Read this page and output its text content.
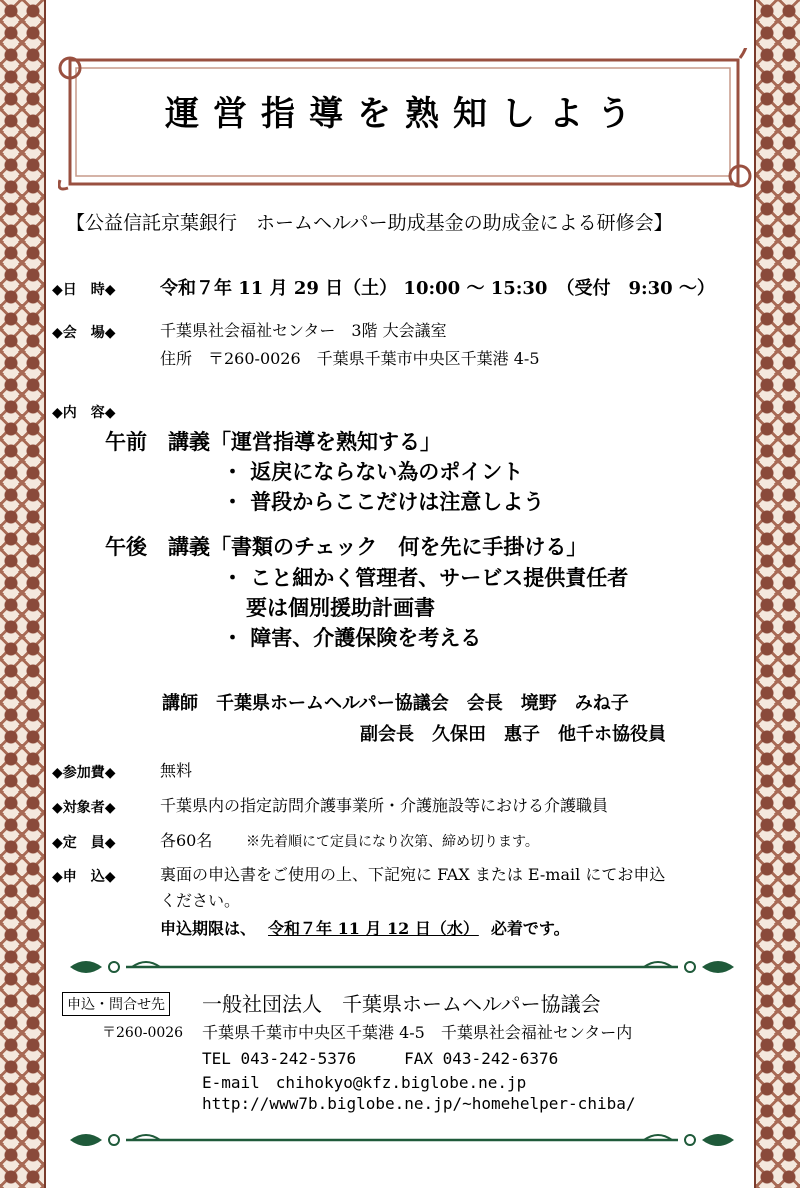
運営指導を熟知しよう
【公益信託京葉銀行　ホームヘルパー助成基金の助成金による研修会】
◆日　時◆ 令和７年 11 月 29 日（土） 10:00 ～ 15:30　（受付　9:30 ～）
◆会　場◆	千葉県社会福祉センター　3階 大会議室
住所　〒260-0026　千葉県千葉市中央区千葉港 4-5
◆内　容◆
午前　講義「運営指導を熟知する」
・ 返戻にならない為のポイント
・ 普段からここだけは注意しよう
午後　講義「書類のチェック　何を先に手掛ける」
・ こと細かく管理者、サービス提供責任者
要は個別援助計画書
・ 障害、介護保険を考える
講師　千葉県ホームヘルパー協議会　会長　境野　みね子
副会長　久保田　惠子　他千ホ協役員
◆参加費◆	無料
◆対象者◆	千葉県内の指定訪問介護事業所・介護施設等における介護職員
◆定　員◆	各60名 ※先着順にて定員になり次第、締め切ります。
◆申　込◆	裏面の申込書をご使用の上、下記宛に FAX または E-mail にてお申込
ください。
申込期限は、 令和７年 11 月 12 日（水） 必着です。
申込・問合せ先 一般社団法人　千葉県ホームヘルパー協議会
〒260-0026 千葉県千葉市中央区千葉港 4-5　千葉県社会福祉センター内
TEL 043-242-5376　　　FAX 043-242-6376
E-mail　chihokyo@kfz.biglobe.ne.jp
http://www7b.biglobe.ne.jp/~homehelper-chiba/
